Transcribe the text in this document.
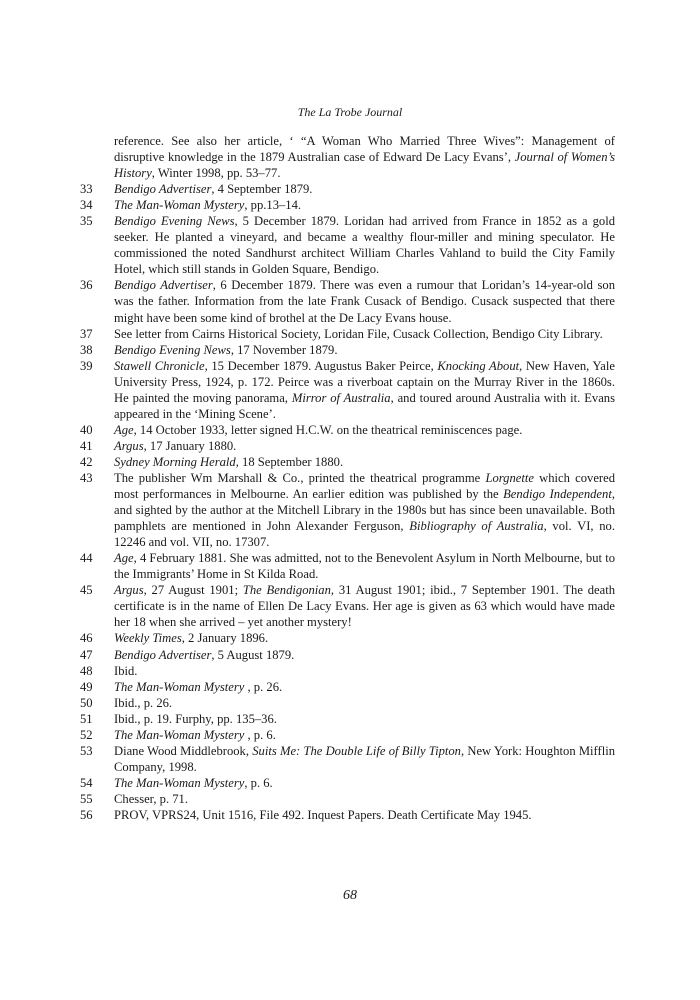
The La Trobe Journal
reference. See also her article, ‘ “A Woman Who Married Three Wives”: Management of disruptive knowledge in the 1879 Australian case of Edward De Lacy Evans’, Journal of Women’s History, Winter 1998, pp. 53–77.
33	Bendigo Advertiser, 4 September 1879.
34	The Man-Woman Mystery, pp.13–14.
35	Bendigo Evening News, 5 December 1879. Loridan had arrived from France in 1852 as a gold seeker. He planted a vineyard, and became a wealthy flour-miller and mining speculator. He commissioned the noted Sandhurst architect William Charles Vahland to build the City Family Hotel, which still stands in Golden Square, Bendigo.
36	Bendigo Advertiser, 6 December 1879. There was even a rumour that Loridan’s 14-year-old son was the father. Information from the late Frank Cusack of Bendigo. Cusack suspected that there might have been some kind of brothel at the De Lacy Evans house.
37	See letter from Cairns Historical Society, Loridan File, Cusack Collection, Bendigo City Library.
38	Bendigo Evening News, 17 November 1879.
39	Stawell Chronicle, 15 December 1879. Augustus Baker Peirce, Knocking About, New Haven, Yale University Press, 1924, p. 172. Peirce was a riverboat captain on the Murray River in the 1860s. He painted the moving panorama, Mirror of Australia, and toured around Australia with it. Evans appeared in the ‘Mining Scene’.
40	Age, 14 October 1933, letter signed H.C.W. on the theatrical reminiscences page.
41	Argus, 17 January 1880.
42	Sydney Morning Herald, 18 September 1880.
43	The publisher Wm Marshall & Co., printed the theatrical programme Lorgnette which covered most performances in Melbourne. An earlier edition was published by the Bendigo Independent, and sighted by the author at the Mitchell Library in the 1980s but has since been unavailable. Both pamphlets are mentioned in John Alexander Ferguson, Bibliography of Australia, vol. VI, no. 12246 and vol. VII, no. 17307.
44	Age, 4 February 1881. She was admitted, not to the Benevolent Asylum in North Melbourne, but to the Immigrants’ Home in St Kilda Road.
45	Argus, 27 August 1901; The Bendigonian, 31 August 1901; ibid., 7 September 1901. The death certificate is in the name of Ellen De Lacy Evans. Her age is given as 63 which would have made her 18 when she arrived – yet another mystery!
46	Weekly Times, 2 January 1896.
47	Bendigo Advertiser, 5 August 1879.
48	Ibid.
49	The Man-Woman Mystery , p. 26.
50	Ibid., p. 26.
51	Ibid., p. 19. Furphy, pp. 135–36.
52	The Man-Woman Mystery , p. 6.
53	Diane Wood Middlebrook, Suits Me: The Double Life of Billy Tipton, New York: Houghton Mifflin Company, 1998.
54	The Man-Woman Mystery, p. 6.
55	Chesser, p. 71.
56	PROV, VPRS24, Unit 1516, File 492. Inquest Papers. Death Certificate May 1945.
68
